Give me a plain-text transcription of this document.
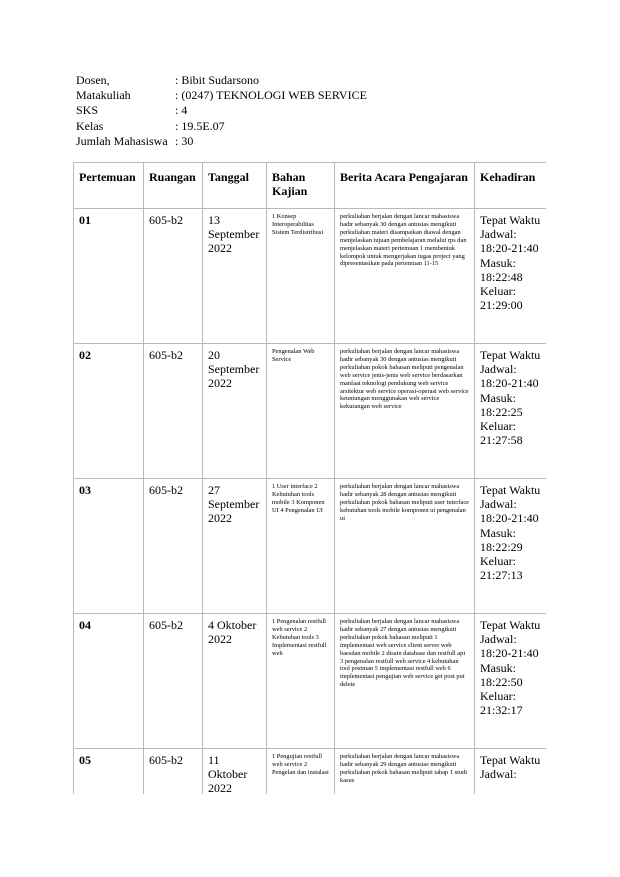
Dosen,	: Bibit Sudarsono
Matakuliah	: (0247) TEKNOLOGI WEB SERVICE
SKS	: 4
Kelas	: 19.5E.07
Jumlah Mahasiswa : 30
Pertemuan	Ruangan	Tanggal	Bahan Kajian	Berita Acara Pengajaran	Kehadiran
01	605-b2	13 September 2022	1 Konsep Interoperabilitas Sistem Terdistribusi	perkuliahan berjalan dengan lancar mahasiswa hadir sebanyak 30 dengan antusias mengikuti perkuliahan materi disampaikan diawal dengan menjelaskan tujuan pembelajaran melalui rps dan menjelaskan materi pertemuan 1 membentuk kelompok untuk mengerjakan tugas project yang dipresentasikan pada pertemuan 11-15	Tepat Waktu Jadwal: 18:20-21:40 Masuk: 18:22:48 Keluar: 21:29:00
02	605-b2	20 September 2022	Pengenalan Web Service	perkuliahan berjalan dengan lancar mahasiswa hadir sebanyak 30 dengan antusias mengikuti perkuliahan pokok bahasan meliputi pengenalan web service jenis-jenis web service berdasarkan manfaat teknologi pendukung web service arsitektur web service operasi-operasi web service keuntungan menggunakan web service kekurangan web service	Tepat Waktu Jadwal: 18:20-21:40 Masuk: 18:22:25 Keluar: 21:27:58
03	605-b2	27 September 2022	1 User interface 2 Kebutuhan tools mobile 3 Komponen UI 4 Pengenalan UI	perkuliahan berjalan dengan lancar mahasiswa hadir sebanyak 28 dengan antusias mengikuti perkuliahan pokok bahasan meliputi user interface kebutuhan tools mobile komponen ui pengenalan ui	Tepat Waktu Jadwal: 18:20-21:40 Masuk: 18:22:29 Keluar: 21:27:13
04	605-b2	4 Oktober 2022	1 Pengenalan restfull web service 2 Kebutuhan tools 3 Implementasi restfull web	perkuliahan berjalan dengan lancar mahasiswa hadir sebanyak 27 dengan antusias mengikuti perkuliahan pokok bahasan meliputi 1 implementasi web service client server web baesdan mobile 2 disain database dan restfull api 3 pengenalan restfull web service 4 kebutuhan tool postman 5 implementasi restfull web 6 implementasi pengujian web service get post put delete	Tepat Waktu Jadwal: 18:20-21:40 Masuk: 18:22:50 Keluar: 21:32:17
05	605-b2	11 Oktober 2022	1 Pengujian restfull web service 2 Pengelan dan instalasi	perkuliahan berjalan dengan lancar mahasiswa hadir sebanyak 29 dengan antusias mengikuti perkuliahan pokok bahasan meliputi tahap 1 studi kasus	Tepat Waktu Jadwal:
